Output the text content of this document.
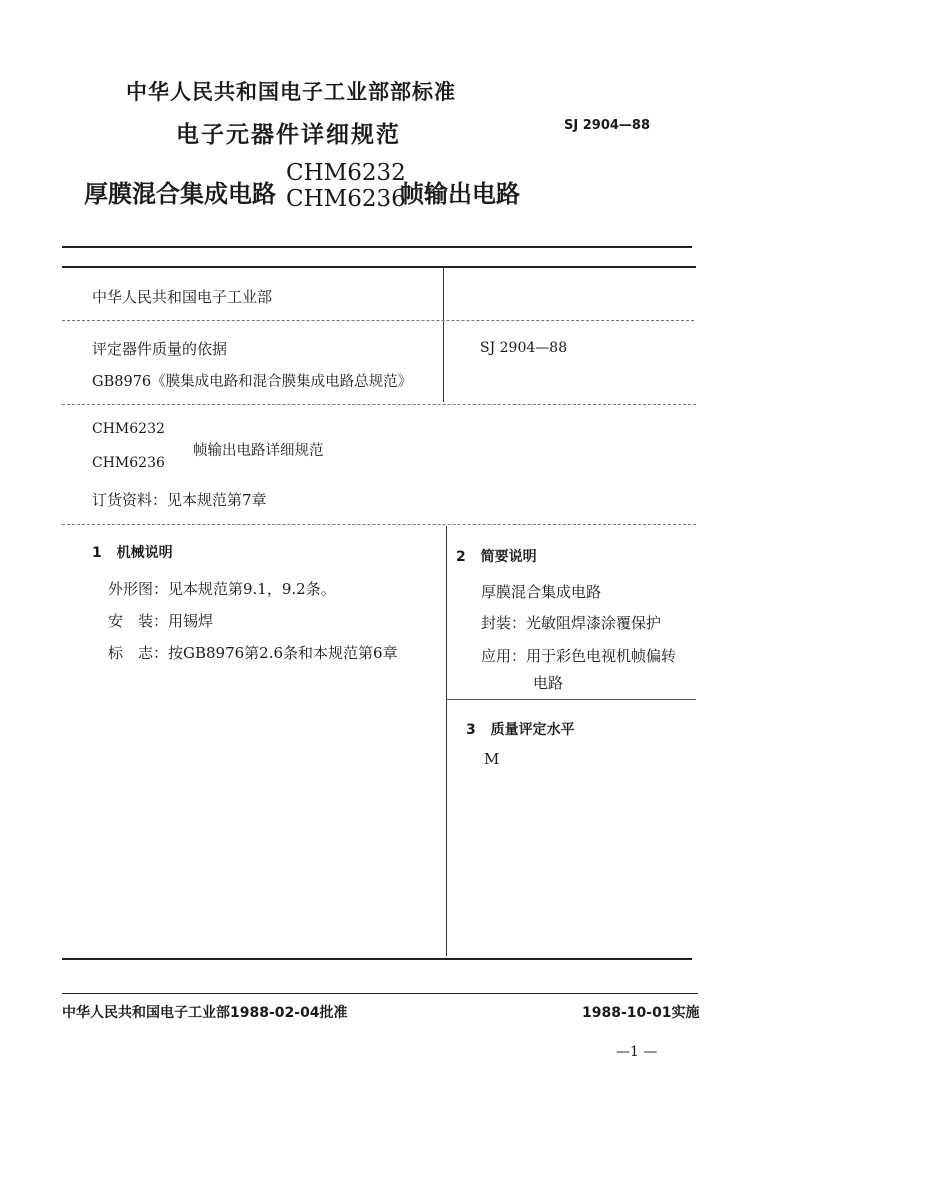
中华人民共和国电子工业部部标准
电子元器件详细规范	SJ 2904—88
厚膜混合集成电路
CHM6232
CHM6236
帧输出电路
中华人民共和国电子工业部
评定器件质量的依据
GB8976《膜集成电路和混合膜集成电路总规范》
SJ 2904—88
CHM6232
CHM6236
帧输出电路详细规范
订货资料：见本规范第7章
1 机械说明
外形图：见本规范第9.1，9.2条。
安　装：用锡焊
标　志：按GB8976第2.6条和本规范第6章
2 简要说明
厚膜混合集成电路
封装：光敏阻焊漆涂覆保护
应用：用于彩色电视机帧偏转
电路
3 质量评定水平
M
中华人民共和国电子工业部1988-02-04批准	1988-10-01实施
—1 —
